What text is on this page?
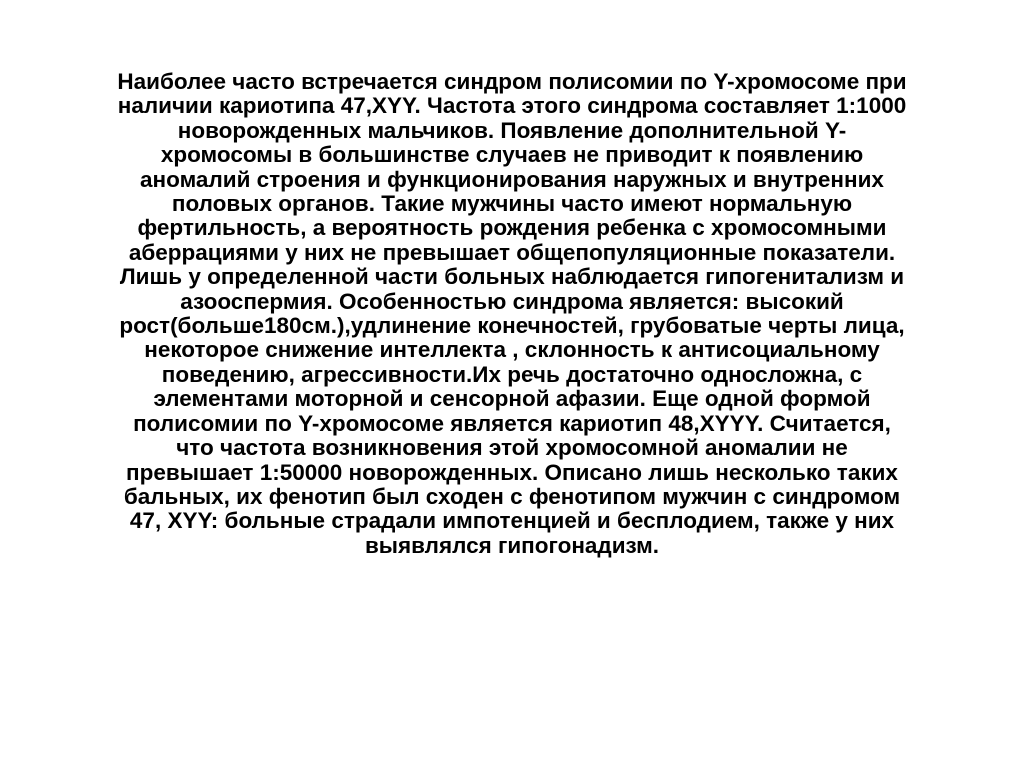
Наиболее часто встречается синдром полисомии по Y-хромосоме при
наличии кариотипа 47,XYY. Частота этого синдрома составляет 1:1000
новорожденных мальчиков. Появление дополнительной Y-
хромосомы в большинстве случаев не приводит к появлению
аномалий строения и функционирования наружных и внутренних
половых органов. Такие мужчины часто имеют нормальную
фертильность, а вероятность рождения ребенка с хромосомными
аберрациями у них не превышает общепопуляционные показатели.
Лишь у определенной части больных наблюдается гипогенитализм и
азооспермия. Особенностью синдрома является: высокий
рост(больше180см.),удлинение конечностей, грубоватые черты лица,
некоторое снижение интеллекта , склонность к антисоциальному
поведению, агрессивности.Их речь достаточно односложна, с
элементами моторной и сенсорной афазии. Еще одной формой
полисомии по Y-хромосоме является кариотип 48,XYYY. Считается,
что частота возникновения этой хромосомной аномалии не
превышает 1:50000 новорожденных. Описано лишь несколько таких
бальных, их фенотип был сходен с фенотипом мужчин с синдромом
47, XYY: больные страдали импотенцией и бесплодием, также у них
выявлялся гипогонадизм.
